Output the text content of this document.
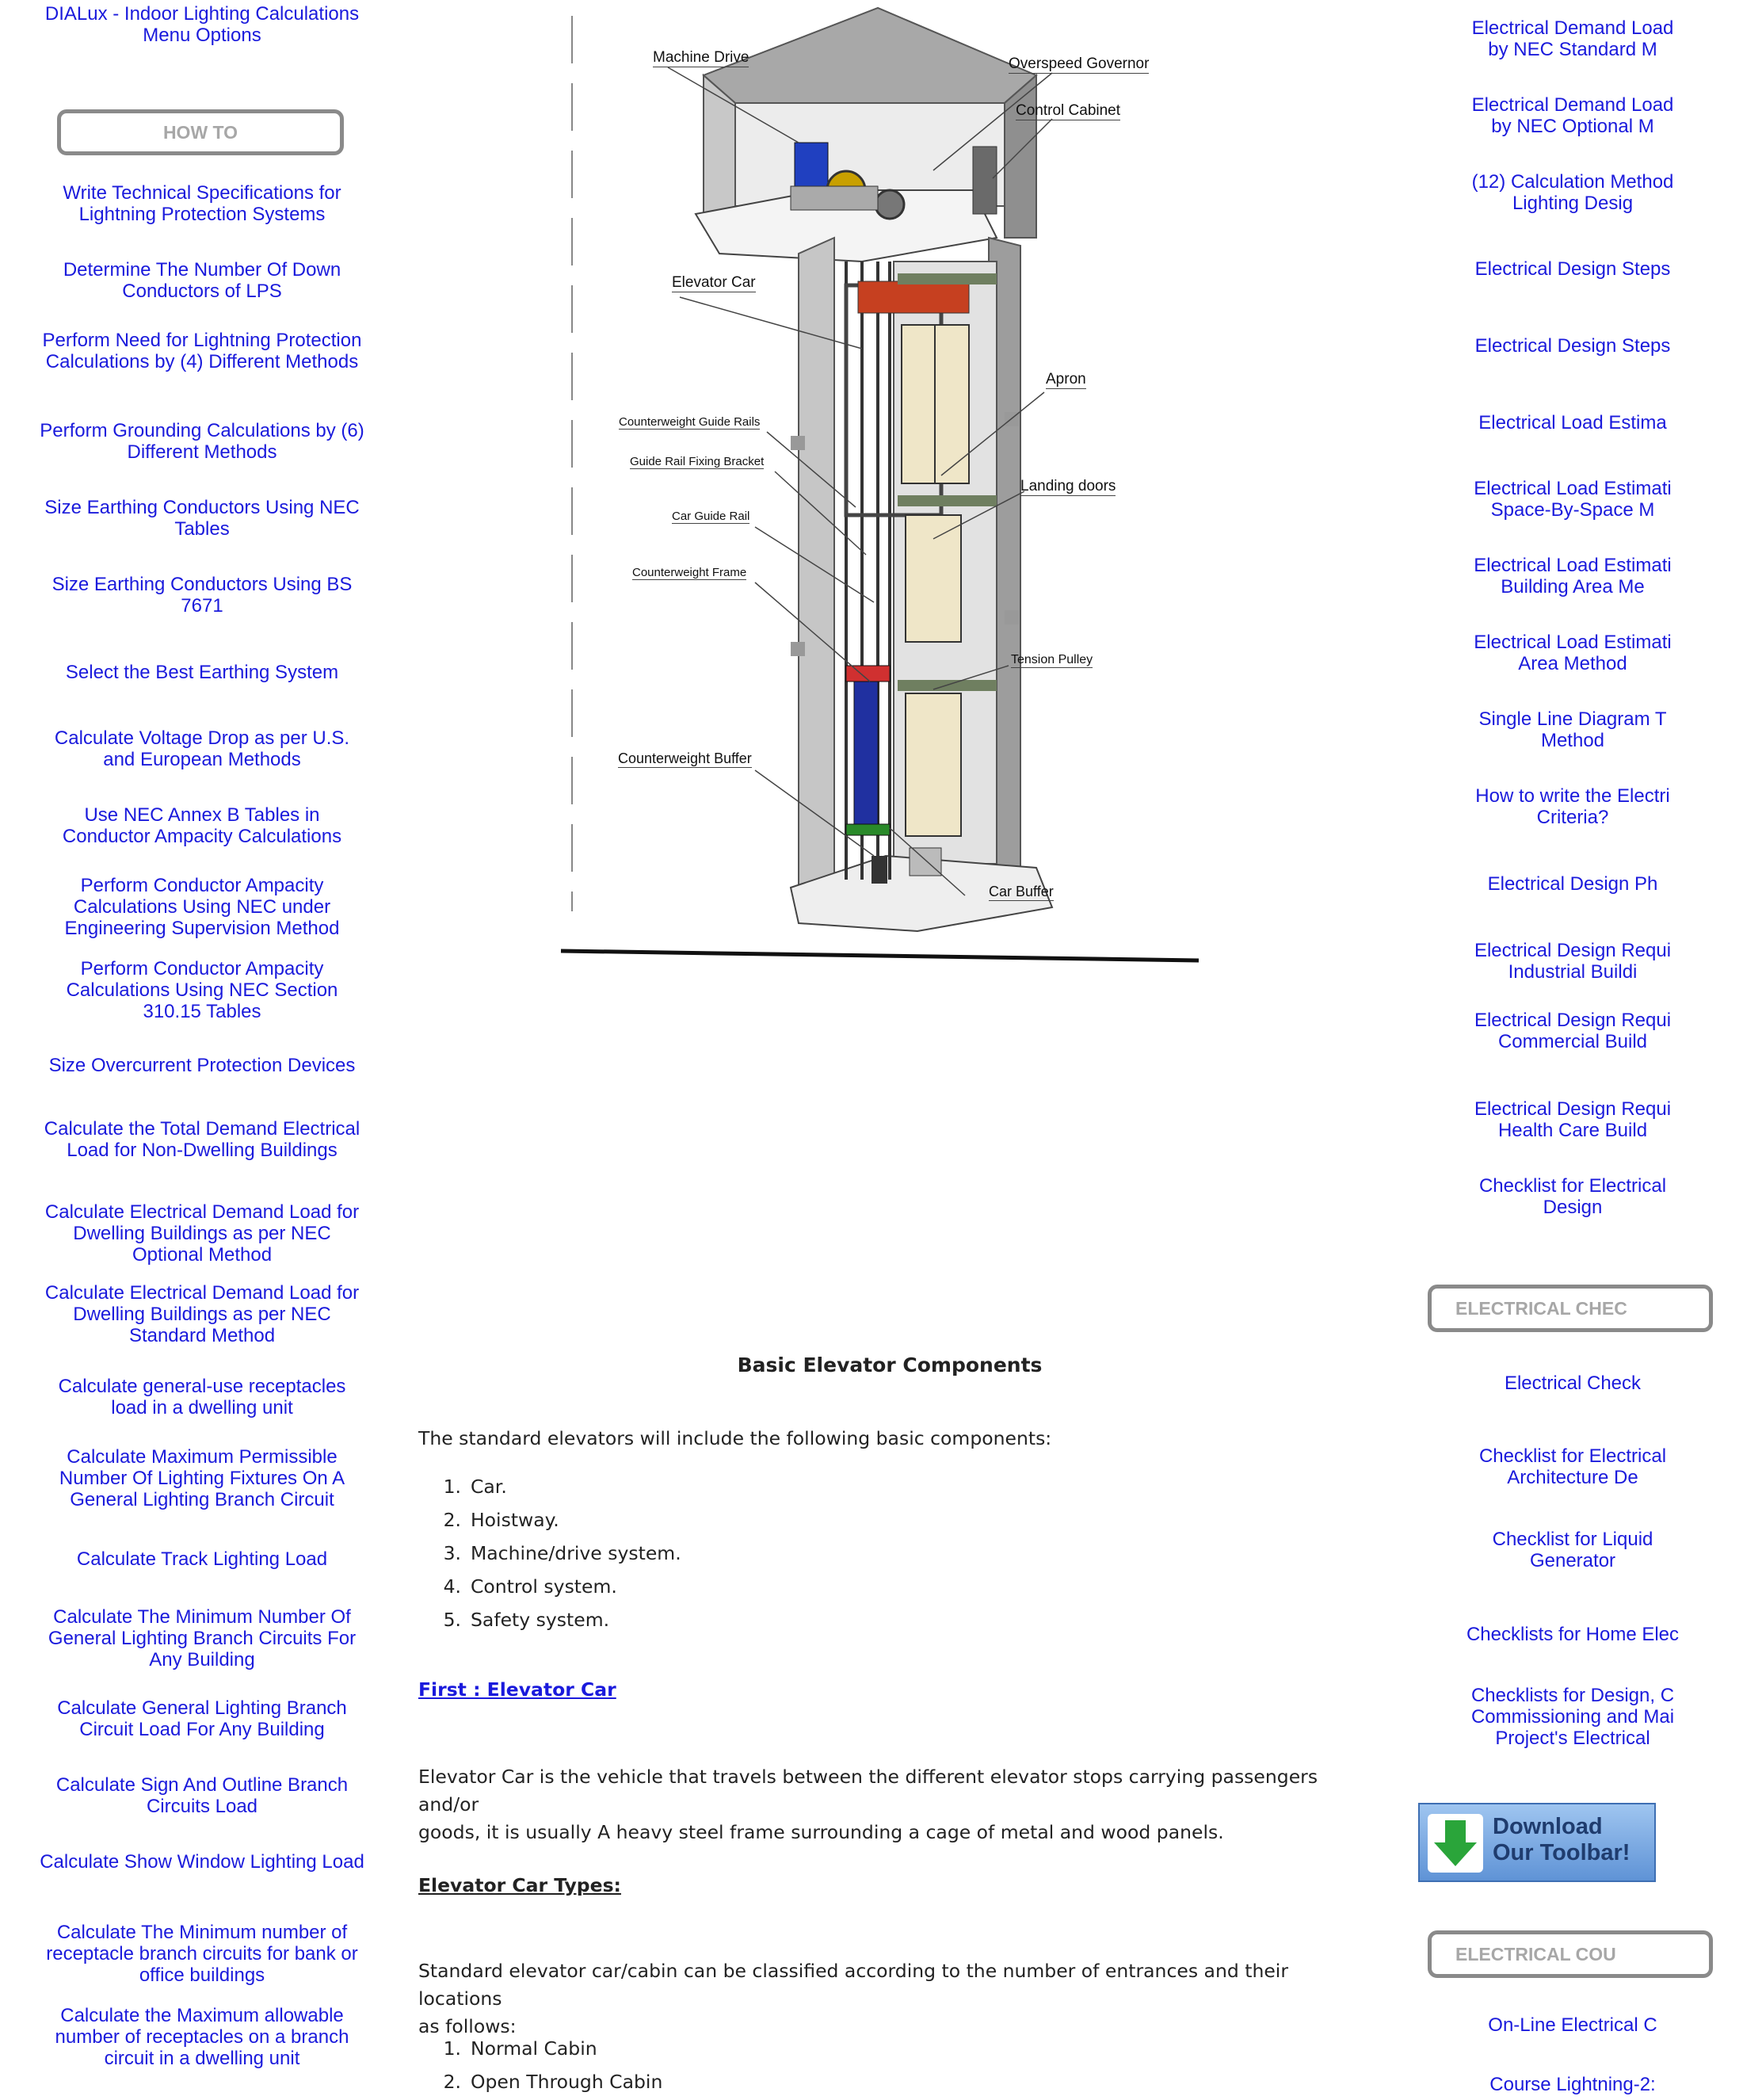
DIALux - Indoor Lighting Calculations Menu Options
HOW TO
Write Technical Specifications for Lightning Protection Systems
Determine The Number Of Down Conductors of LPS
Perform Need for Lightning Protection Calculations by (4) Different Methods
Perform Grounding Calculations by (6) Different Methods
Size Earthing Conductors Using NEC Tables
Size Earthing Conductors Using BS 7671
Select the Best Earthing System
Calculate Voltage Drop as per U.S. and European Methods
Use NEC Annex B Tables in Conductor Ampacity Calculations
Perform Conductor Ampacity Calculations Using NEC under Engineering Supervision Method
Perform Conductor Ampacity Calculations Using NEC Section 310.15 Tables
Size Overcurrent Protection Devices
Calculate the Total Demand Electrical Load for Non-Dwelling Buildings
Calculate Electrical Demand Load for Dwelling Buildings as per NEC Optional Method
Calculate Electrical Demand Load for Dwelling Buildings as per NEC Standard Method
Calculate general-use receptacles load in a dwelling unit
Calculate Maximum Permissible Number Of Lighting Fixtures On A General Lighting Branch Circuit
Calculate Track Lighting Load
Calculate The Minimum Number Of General Lighting Branch Circuits For Any Building
Calculate General Lighting Branch Circuit Load For Any Building
Calculate Sign And Outline Branch Circuits Load
Calculate Show Window Lighting Load
Calculate The Minimum number of receptacle branch circuits for bank or office buildings
Calculate the Maximum allowable number of receptacles on a branch circuit in a dwelling unit
Machine Drive	Overspeed Governor
Control Cabinet
Elevator Car
Apron
Counterweight Guide Rails
Guide Rail Fixing Bracket
Landing doors
Car Guide Rail
Counterweight Frame
Tension Pulley
Counterweight Buffer
Car Buffer
Basic Elevator Components
The standard elevators will include the following basic components:
1. Car.
2. Hoistway.
3. Machine/drive system.
4. Control system.
5. Safety system.
First : Elevator Car
Elevator Car is the vehicle that travels between the different elevator stops carrying passengers and/or
goods, it is usually A heavy steel frame surrounding a cage of metal and wood panels.
Elevator Car Types:
Standard elevator car/cabin can be classified according to the number of entrances and their locations
as follows:
1. Normal Cabin
2. Open Through Cabin
Electrical Demand Load
by NEC Standard M
Electrical Demand Load
by NEC Optional M
(12) Calculation Method
Lighting Desig
Electrical Design Steps
Electrical Design Steps
Electrical Load Estima
Electrical Load Estimati
Space-By-Space M
Electrical Load Estimati
Building Area Me
Electrical Load Estimati
Area Method
Single Line Diagram T
Method
How to write the Electri
Criteria?
Electrical Design Ph
Electrical Design Requi
Industrial Buildi
Electrical Design Requi
Commercial Build
Electrical Design Requi
Health Care Build
Checklist for Electrical
Design
ELECTRICAL CHEC
Electrical Check
Checklist for Electrical
Architecture De
Checklist for Liquid
Generator
Checklists for Home Elec
Checklists for Design, C
Commissioning and Mai
Project's Electrical
Download
Our Toolbar!
ELECTRICAL COU
On-Line Electrical C
Course Lightning-2:
